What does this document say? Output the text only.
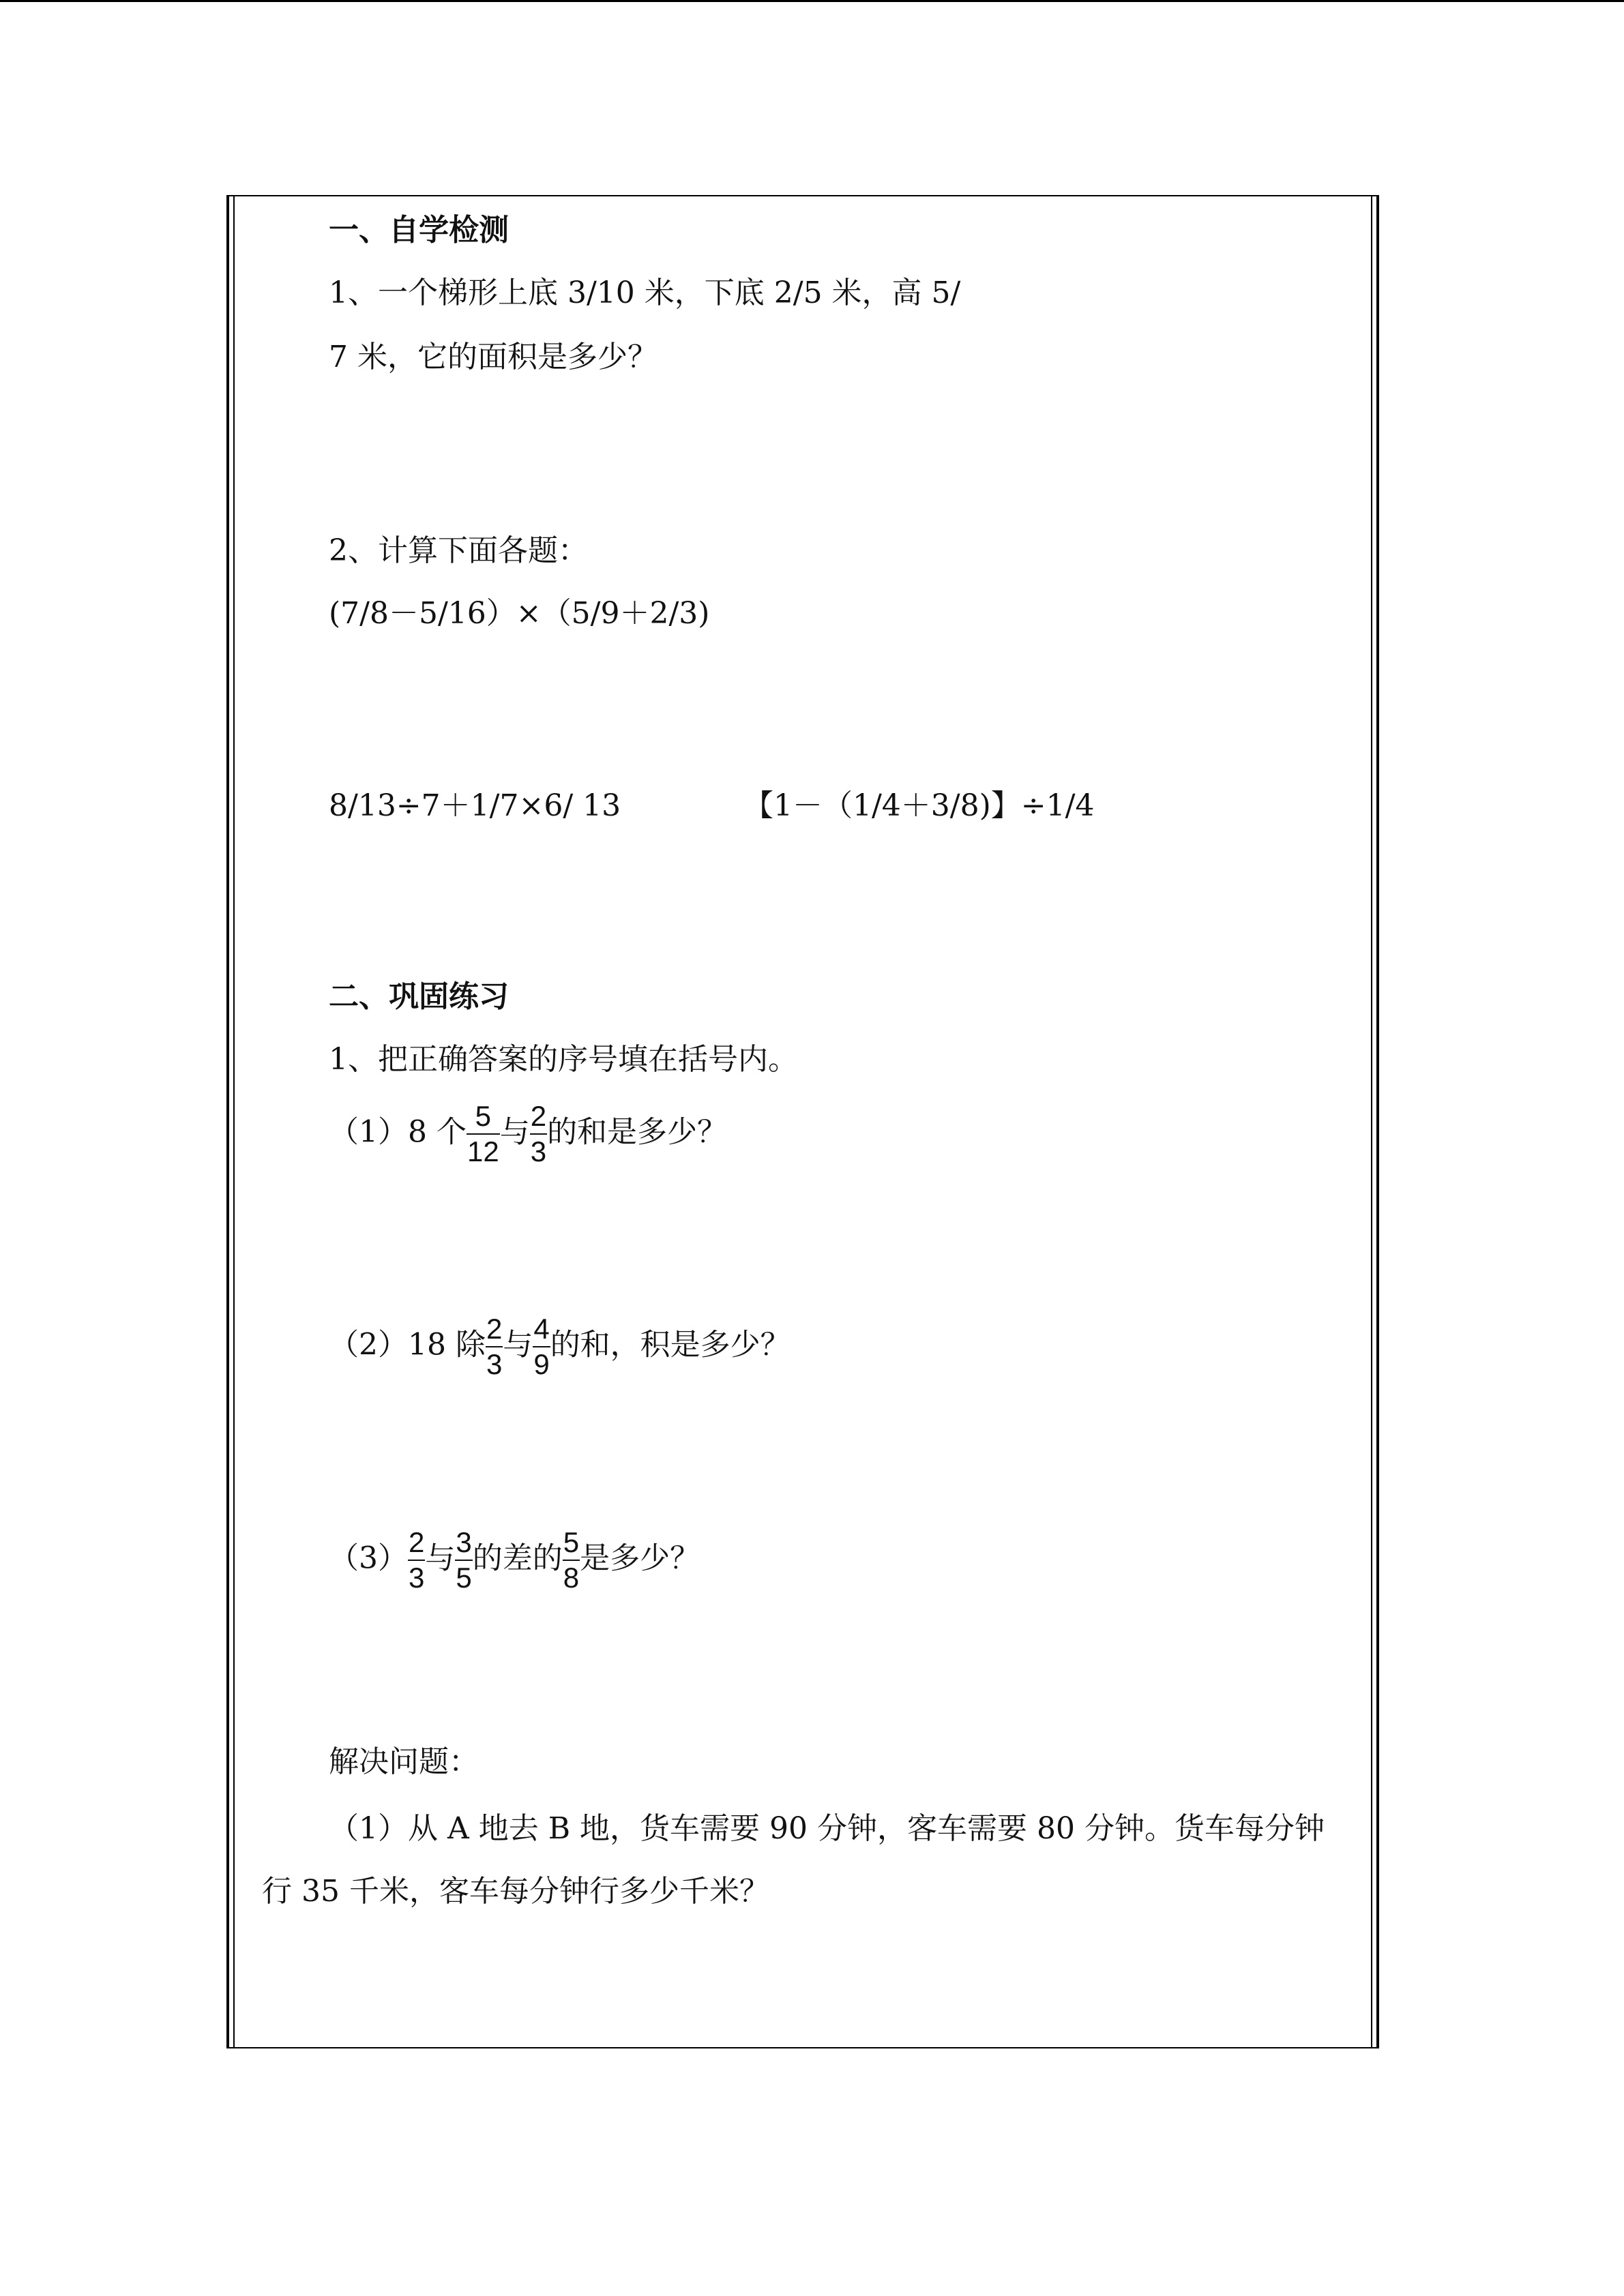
一、自学检测
1、一个梯形上底 3/10 米，下底 2/5 米，高 5/
7 米，它的面积是多少？
2、计算下面各题：
(7/8－5/16）×（5/9＋2/3)
8/13÷7＋1/7×6/ 13	【1－（1/4＋3/8)】÷1/4
二、巩固练习
1、把正确答案的序号填在括号内。
（1）8 个 $\frac{5}{12}$ 与 $\frac{2}{3}$ 的和是多少？
（2）18 除 $\frac{2}{3}$ 与 $\frac{4}{9}$ 的和，积是多少？
$(3) \frac{2}{3}$ 与 $\frac{3}{5}$ 的差的 $\frac{5}{8}$ 是多少？
解决问题：
（1）从 A 地去 B 地，货车需要 90 分钟，客车需要 80 分钟。货车每分钟
行 35 千米，客车每分钟行多少千米？
